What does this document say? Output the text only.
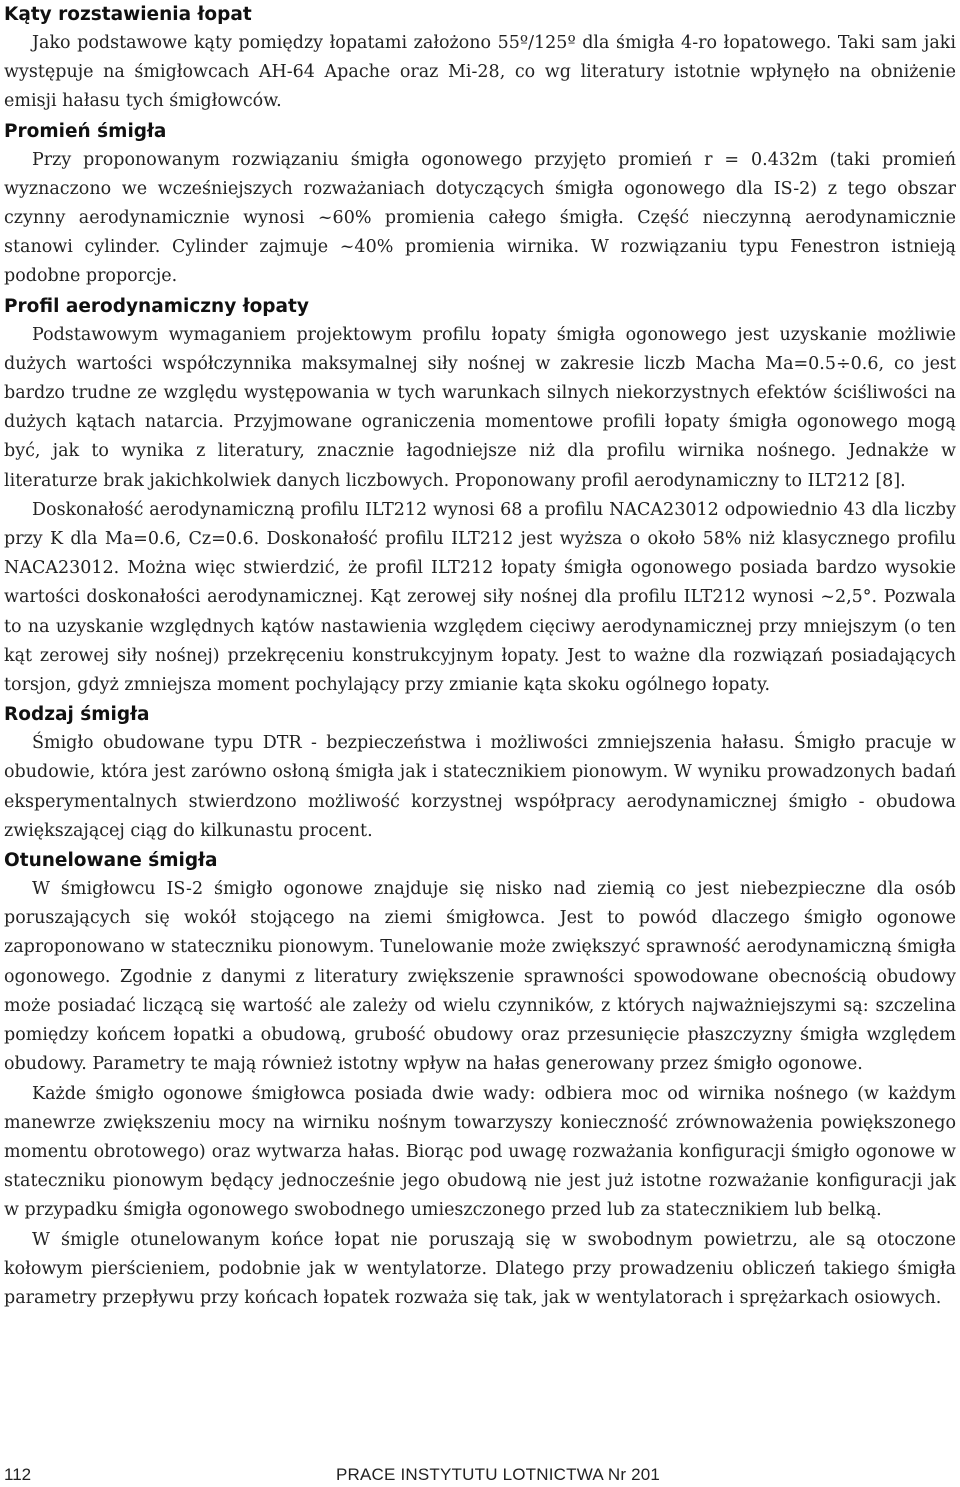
Kąty rozstawienia łopat

Jako podstawowe kąty pomiędzy łopatami założono 55º/125º dla śmigła 4-ro łopatowego. Taki sam jaki występuje na śmigłowcach AH-64 Apache oraz Mi-28, co wg literatury istotnie wpłynęło na obniżenie emisji hałasu tych śmigłowców.

Promień śmigła

Przy proponowanym rozwiązaniu śmigła ogonowego przyjęto promień r = 0.432m (taki promień wyznaczono we wcześniejszych rozważaniach dotyczących śmigła ogonowego dla IS-2) z tego obszar czynny aerodynamicznie wynosi ~60% promienia całego śmigła. Część nieczynną aerodynamicznie stanowi cylinder. Cylinder zajmuje ~40% promienia wirnika. W rozwiązaniu typu Fenestron istnieją podobne proporcje.

Profil aerodynamiczny łopaty

Podstawowym wymaganiem projektowym profilu łopaty śmigła ogonowego jest uzyskanie możliwie dużych wartości współczynnika maksymalnej siły nośnej w zakresie liczb Macha Ma=0.5÷0.6, co jest bardzo trudne ze względu występowania w tych warunkach silnych niekorzystnych efektów ściśliwości na dużych kątach natarcia. Przyjmowane ograniczenia momentowe profili łopaty śmigła ogonowego mogą być, jak to wynika z literatury, znacznie łagodniejsze niż dla profilu wirnika nośnego. Jednakże w literaturze brak jakichkolwiek danych liczbowych. Proponowany profil aerodynamiczny to ILT212 [8].

Doskonałość aerodynamiczną profilu ILT212 wynosi 68 a profilu NACA23012 odpowiednio 43 dla liczby przy K dla Ma=0.6, Cz=0.6. Doskonałość profilu ILT212 jest wyższa o około 58% niż klasycznego profilu NACA23012. Można więc stwierdzić, że profil ILT212 łopaty śmigła ogonowego posiada bardzo wysokie wartości doskonałości aerodynamicznej. Kąt zerowej siły nośnej dla profilu ILT212 wynosi ~2,5°. Pozwala to na uzyskanie względnych kątów nastawienia względem cięciwy aerodynamicznej przy mniejszym (o ten kąt zerowej siły nośnej) przekręceniu konstrukcyjnym łopaty. Jest to ważne dla rozwiązań posiadających torsjon, gdyż zmniejsza moment pochylający przy zmianie kąta skoku ogólnego łopaty.

Rodzaj śmigła

Śmigło obudowane typu DTR - bezpieczeństwa i możliwości zmniejszenia hałasu. Śmigło pracuje w obudowie, która jest zarówno osłoną śmigła jak i statecznikiem pionowym. W wyniku prowadzonych badań eksperymentalnych stwierdzono możliwość korzystnej współpracy aerodynamicznej śmigło - obudowa zwiększającej ciąg do kilkunastu procent.

Otunelowane śmigła

W śmigłowcu IS-2 śmigło ogonowe znajduje się nisko nad ziemią co jest niebezpieczne dla osób poruszających się wokół stojącego na ziemi śmigłowca. Jest to powód dlaczego śmigło ogonowe zaproponowano w stateczniku pionowym. Tunelowanie może zwiększyć sprawność aerodynamiczną śmigła ogonowego. Zgodnie z danymi z literatury zwiększenie sprawności spowodowane obecnością obudowy może posiadać liczącą się wartość ale zależy od wielu czynników, z których najważniejszymi są: szczelina pomiędzy końcem łopatki a obudową, grubość obudowy oraz przesunięcie płaszczyzny śmigła względem obudowy. Parametry te mają również istotny wpływ na hałas generowany przez śmigło ogonowe.

Każde śmigło ogonowe śmigłowca posiada dwie wady: odbiera moc od wirnika nośnego (w każdym manewrze zwiększeniu mocy na wirniku nośnym towarzyszy konieczność zrównoważenia powiększonego momentu obrotowego) oraz wytwarza hałas. Biorąc pod uwagę rozważania konfiguracji śmigło ogonowe w stateczniku pionowym będący jednocześnie jego obudową nie jest już istotne rozważanie konfiguracji jak w przypadku śmigła ogonowego swobodnego umieszczonego przed lub za statecznikiem lub belką.

W śmigle otunelowanym końce łopat nie poruszają się w swobodnym powietrzu, ale są otoczone kołowym pierścieniem, podobnie jak w wentylatorze. Dlatego przy prowadzeniu obliczeń takiego śmigła parametry przepływu przy końcach łopatek rozważa się tak, jak w wentylatorach i sprężarkach osiowych.

112	PRACE INSTYTUTU LOTNICTWA Nr 201
